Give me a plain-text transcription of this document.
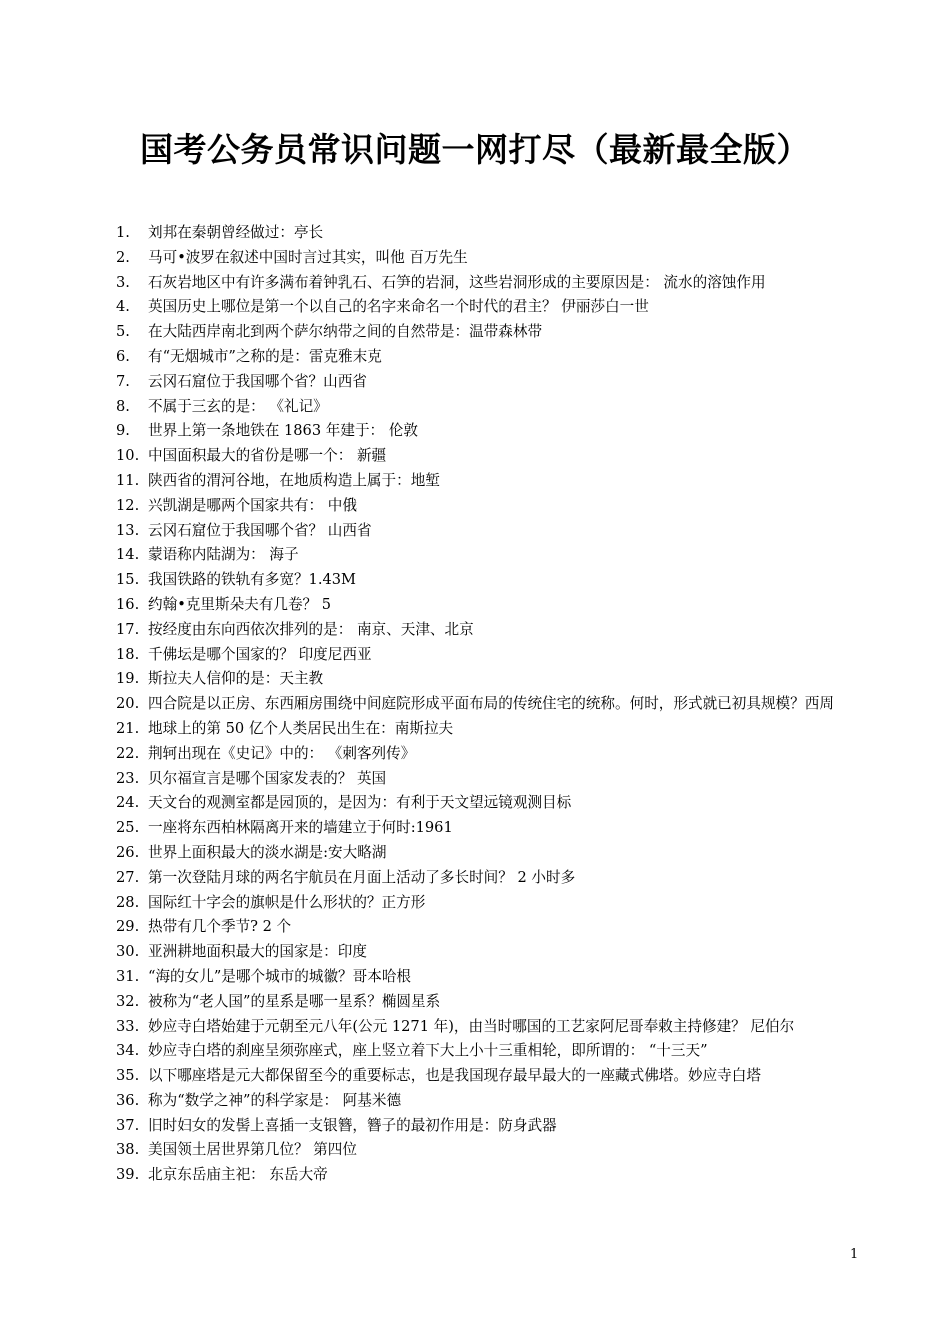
国考公务员常识问题一网打尽（最新最全版）
1. 刘邦在秦朝曾经做过：亭长
2. 马可•波罗在叙述中国时言过其实，叫他 百万先生
3. 石灰岩地区中有许多满布着钟乳石、石笋的岩洞，这些岩洞形成的主要原因是： 流水的溶蚀作用
4. 英国历史上哪位是第一个以自己的名字来命名一个时代的君主？ 伊丽莎白一世
5. 在大陆西岸南北到两个萨尔纳带之间的自然带是：温带森林带
6. 有“无烟城市”之称的是：雷克雅末克
7. 云冈石窟位于我国哪个省？山西省
8. 不属于三玄的是： 《礼记》
9. 世界上第一条地铁在 1863 年建于： 伦敦
10. 中国面积最大的省份是哪一个： 新疆
11. 陕西省的渭河谷地，在地质构造上属于：地堑
12. 兴凯湖是哪两个国家共有： 中俄
13. 云冈石窟位于我国哪个省？ 山西省
14. 蒙语称内陆湖为： 海子
15. 我国铁路的铁轨有多宽？1.43M
16. 约翰•克里斯朵夫有几卷？ 5
17. 按经度由东向西依次排列的是： 南京、天津、北京
18. 千佛坛是哪个国家的？ 印度尼西亚
19. 斯拉夫人信仰的是：天主教
20. 四合院是以正房、东西厢房围绕中间庭院形成平面布局的传统住宅的统称。何时，形式就已初具规模？西周
21. 地球上的第 50 亿个人类居民出生在：南斯拉夫
22. 荆轲出现在《史记》中的： 《刺客列传》
23. 贝尔福宣言是哪个国家发表的？ 英国
24. 天文台的观测室都是园顶的，是因为：有利于天文望远镜观测目标
25. 一座将东西柏林隔离开来的墙建立于何时:1961
26. 世界上面积最大的淡水湖是:安大略湖
27. 第一次登陆月球的两名宇航员在月面上活动了多长时间？ 2 小时多
28. 国际红十字会的旗帜是什么形状的？正方形
29. 热带有几个季节? 2 个
30. 亚洲耕地面积最大的国家是：印度
31. “海的女儿”是哪个城市的城徽？哥本哈根
32. 被称为“老人国”的星系是哪一星系？椭圆星系
33. 妙应寺白塔始建于元朝至元八年(公元 1271 年)，由当时哪国的工艺家阿尼哥奉敕主持修建？ 尼伯尔
34. 妙应寺白塔的刹座呈须弥座式，座上竖立着下大上小十三重相轮，即所谓的： “十三天”
35. 以下哪座塔是元大都保留至今的重要标志，也是我国现存最早最大的一座藏式佛塔。妙应寺白塔
36. 称为“数学之神”的科学家是： 阿基米德
37. 旧时妇女的发髻上喜插一支银簪，簪子的最初作用是：防身武器
38. 美国领土居世界第几位？ 第四位
39. 北京东岳庙主祀： 东岳大帝
1
